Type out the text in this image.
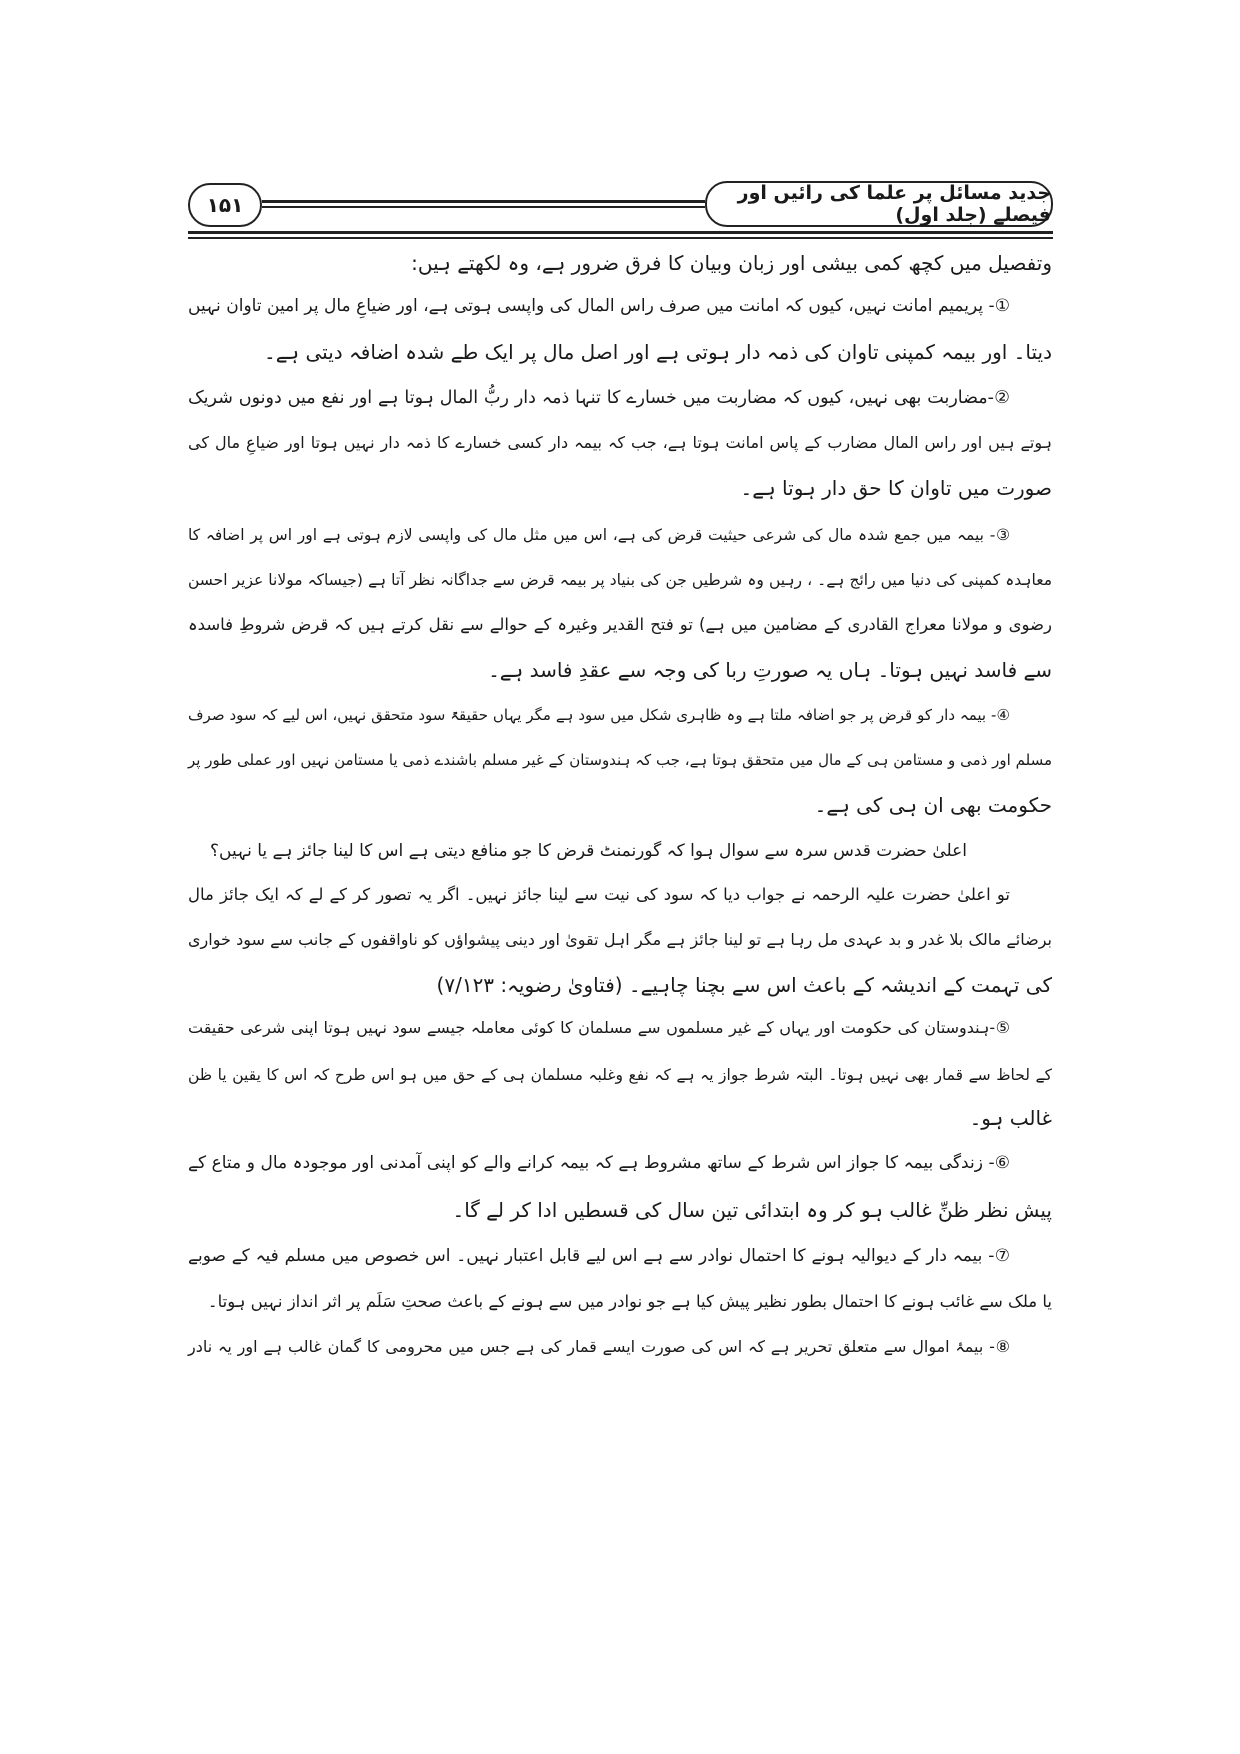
۱۵۱	جدید مسائل پر علما کی رائیں اور فیصلے (جلد اول)
وتفصیل میں کچھ کمی بیشی اور زبان وبیان کا فرق ضرور ہے، وہ لکھتے ہیں:
①- پریمیم امانت نہیں، کیوں کہ امانت میں صرف راس المال کی واپسی ہوتی ہے، اور ضیاعِ مال پر امین تاوان نہیں
دیتا۔ اور بیمہ کمپنی تاوان کی ذمہ دار ہوتی ہے اور اصل مال پر ایک طے شدہ اضافہ دیتی ہے۔
②-مضاربت بھی نہیں، کیوں کہ مضاربت میں خسارے کا تنہا ذمہ دار ربُّ المال ہوتا ہے اور نفع میں دونوں شریک
ہوتے ہیں اور راس المال مضارب کے پاس امانت ہوتا ہے، جب کہ بیمہ دار کسی خسارے کا ذمہ دار نہیں ہوتا اور ضیاعِ مال کی
صورت میں تاوان کا حق دار ہوتا ہے۔
③- بیمہ میں جمع شدہ مال کی شرعی حیثیت قرض کی ہے، اس میں مثل مال کی واپسی لازم ہوتی ہے اور اس پر اضافہ کا
معاہدہ کمپنی کی دنیا میں رائج ہے۔ ، رہیں وہ شرطیں جن کی بنیاد پر بیمہ قرض سے جداگانہ نظر آتا ہے (جیساکہ مولانا عزیر احسن
رضوی و مولانا معراج القادری کے مضامین میں ہے) تو فتح القدیر وغیرہ کے حوالے سے نقل کرتے ہیں کہ قرض شروطِ فاسدہ
سے فاسد نہیں ہوتا۔ ہاں یہ صورتِ ربا کی وجہ سے عقدِ فاسد ہے۔
④- بیمہ دار کو قرض پر جو اضافہ ملتا ہے وہ ظاہری شکل میں سود ہے مگر یہاں حقیقۃً سود متحقق نہیں، اس لیے کہ سود صرف
مسلم اور ذمی و مستامن ہی کے مال میں متحقق ہوتا ہے، جب کہ ہندوستان کے غیر مسلم باشندے ذمی یا مستامن نہیں اور عملی طور پر
حکومت بھی ان ہی کی ہے۔
اعلیٰ حضرت قدس سرہ سے سوال ہوا کہ گورنمنٹ قرض کا جو منافع دیتی ہے اس کا لینا جائز ہے یا نہیں؟
تو اعلیٰ حضرت علیہ الرحمہ نے جواب دیا کہ سود کی نیت سے لینا جائز نہیں۔ اگر یہ تصور کر کے لے کہ ایک جائز مال
برضائے مالک بلا غدر و بد عہدی مل رہا ہے تو لینا جائز ہے مگر اہل تقویٰ اور دینی پیشواؤں کو ناواقفوں کے جانب سے سود خواری
کی تہمت کے اندیشہ کے باعث اس سے بچنا چاہیے۔ (فتاویٰ رضویہ: ۷/۱۲۳)
⑤-ہندوستان کی حکومت اور یہاں کے غیر مسلموں سے مسلمان کا کوئی معاملہ جیسے سود نہیں ہوتا اپنی شرعی حقیقت
کے لحاظ سے قمار بھی نہیں ہوتا۔ البتہ شرط جواز یہ ہے کہ نفع وغلبہ مسلمان ہی کے حق میں ہو اس طرح کہ اس کا یقین یا ظن
غالب ہو۔
⑥- زندگی بیمہ کا جواز اس شرط کے ساتھ مشروط ہے کہ بیمہ کرانے والے کو اپنی آمدنی اور موجودہ مال و متاع کے
پیش نظر ظنِّ غالب ہو کر وہ ابتدائی تین سال کی قسطیں ادا کر لے گا۔
⑦- بیمہ دار کے دیوالیہ ہونے کا احتمال نوادر سے ہے اس لیے قابل اعتبار نہیں۔ اس خصوص میں مسلم فیہ کے صوبے
یا ملک سے غائب ہونے کا احتمال بطور نظیر پیش کیا ہے جو نوادر میں سے ہونے کے باعث صحتِ سَلَم پر اثر انداز نہیں ہوتا۔
⑧- بیمۂ اموال سے متعلق تحریر ہے کہ اس کی صورت ایسے قمار کی ہے جس میں محرومی کا گمان غالب ہے اور یہ نادر
